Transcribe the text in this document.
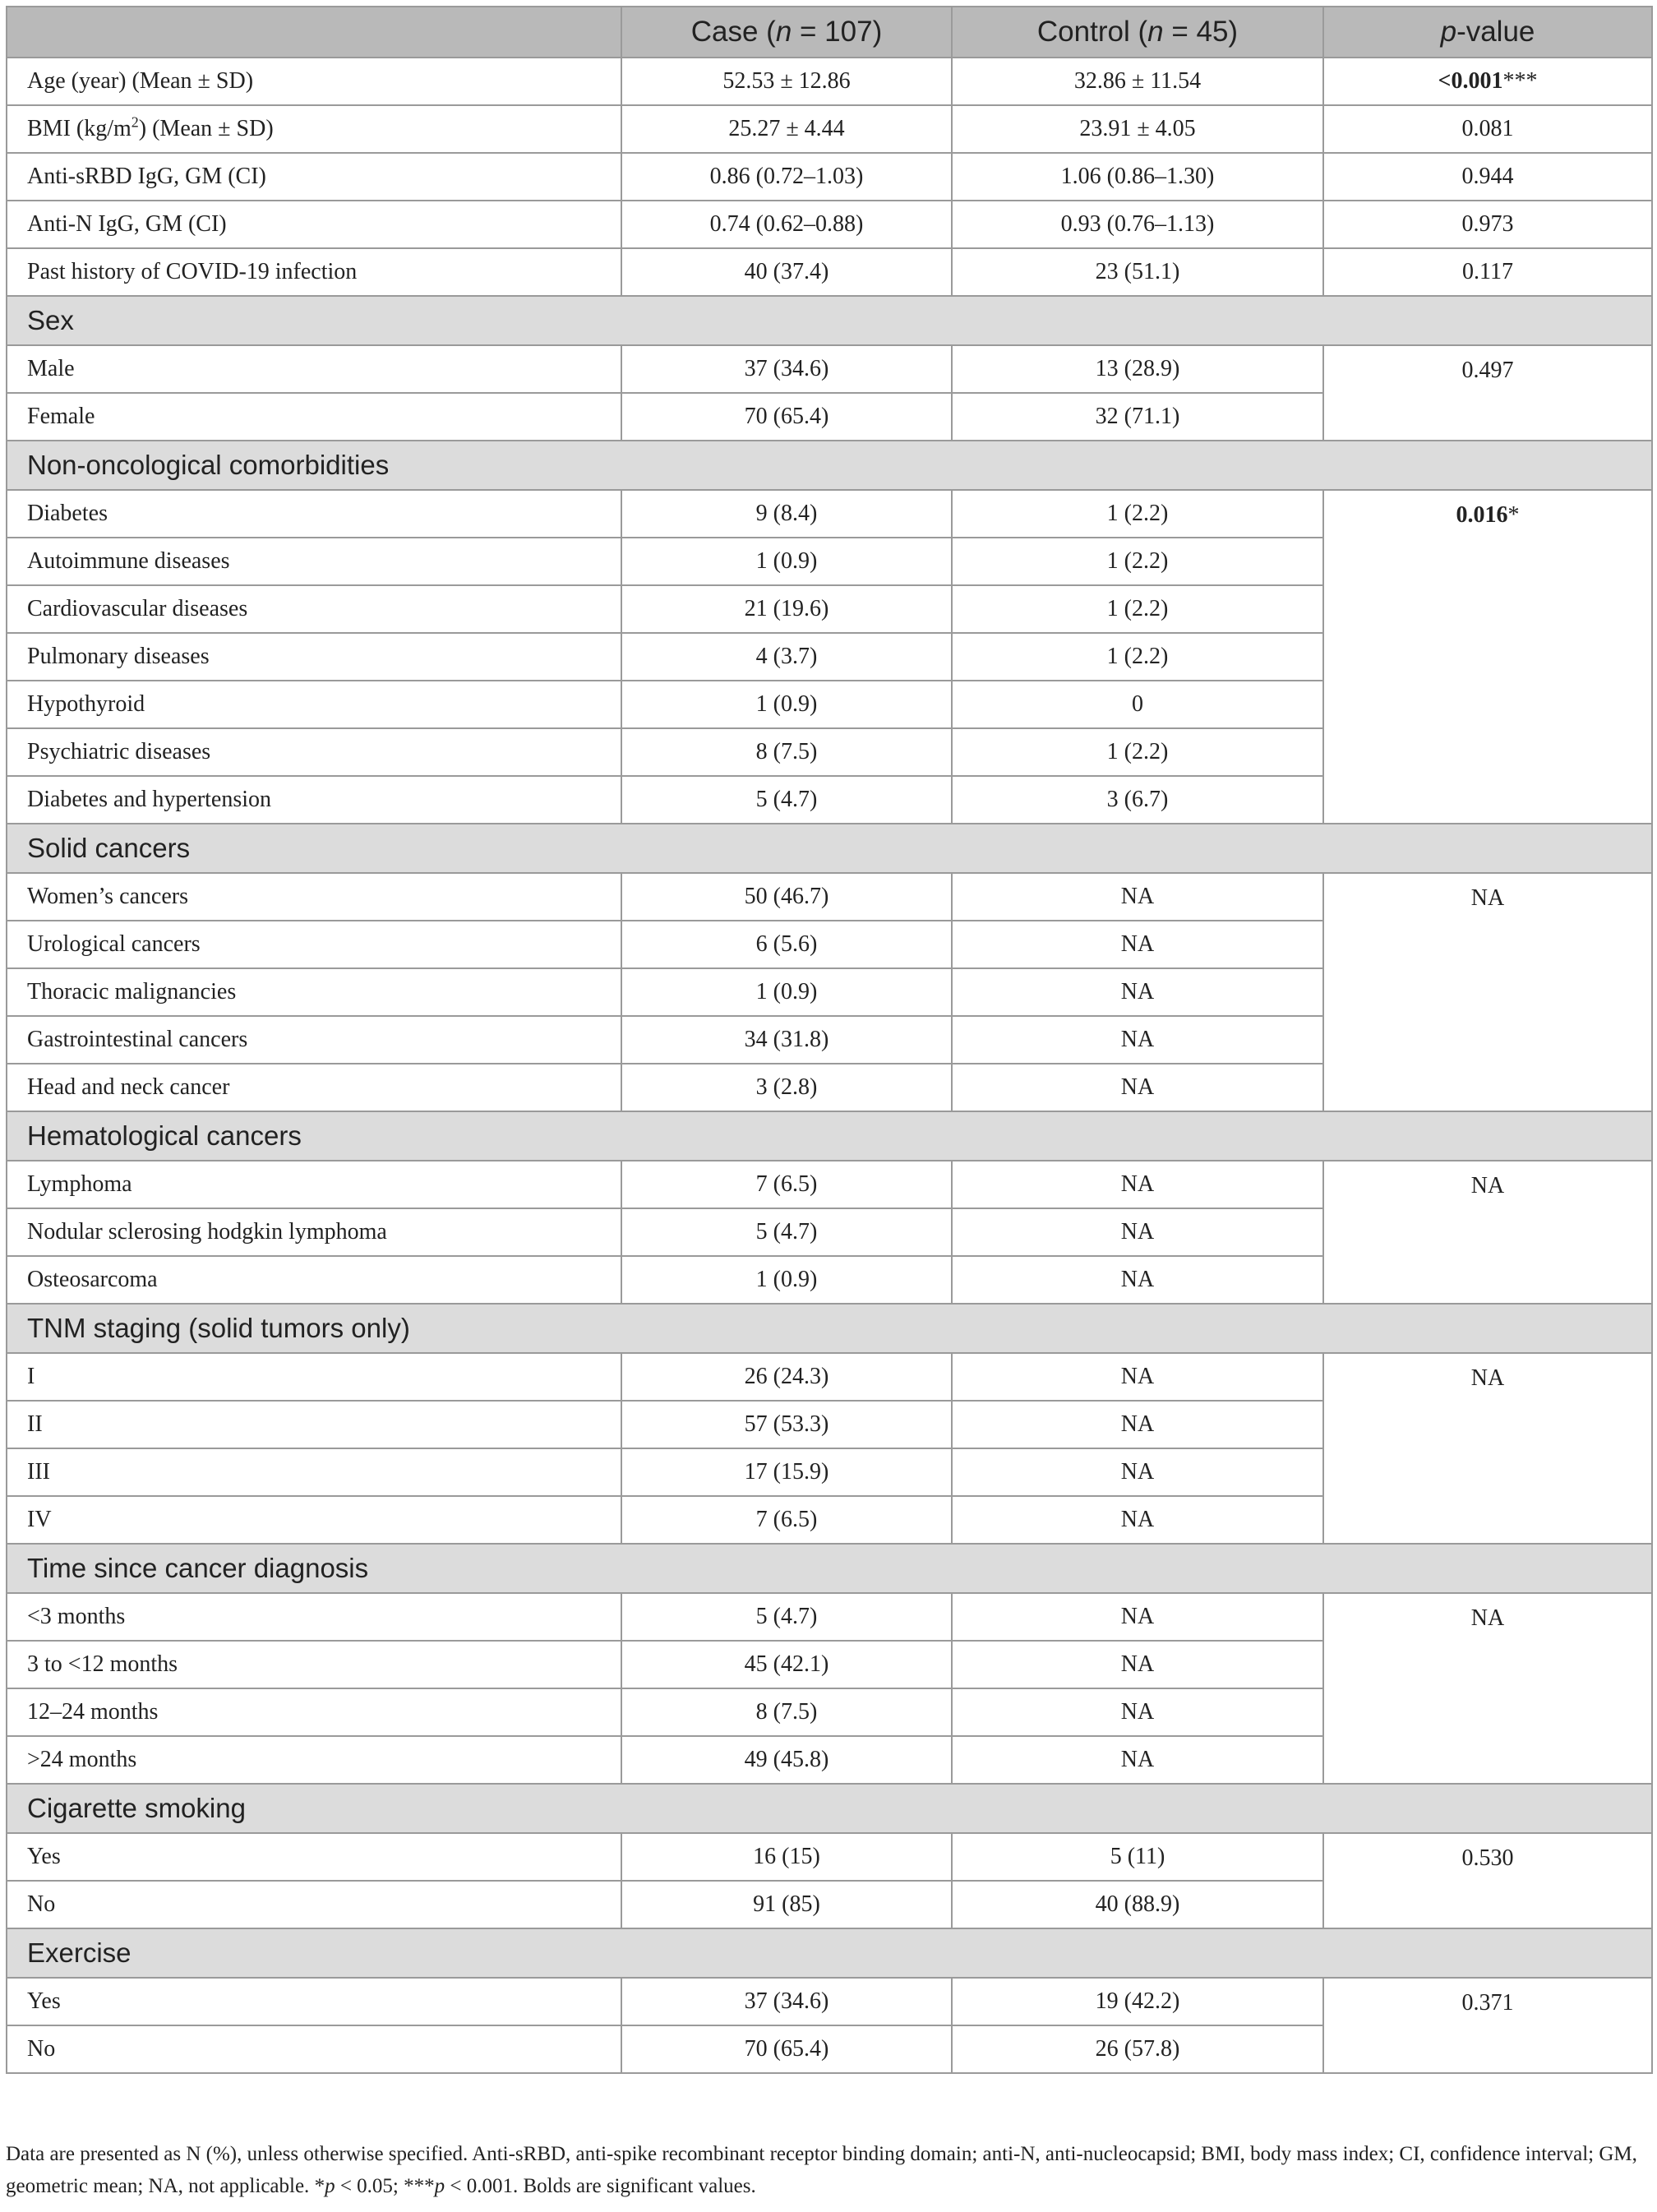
	Case (n = 107)	Control (n = 45)	p-value
Age (year) (Mean ± SD)	52.53 ± 12.86	32.86 ± 11.54	<0.001***
BMI $(kg/m^2)$ (Mean ± SD)	25.27 ± 4.44	23.91 ± 4.05	0.081
Anti-sRBD IgG, GM (CI)	0.86 (0.72–1.03)	1.06 (0.86–1.30)	0.944
Anti-N IgG, GM (CI)	0.74 (0.62–0.88)	0.93 (0.76–1.13)	0.973
Past history of COVID-19 infection	40 (37.4)	23 (51.1)	0.117
Sex			
Male	37 (34.6)	13 (28.9)	0.497
Female	70 (65.4)	32 (71.1)	
Non-oncological comorbidities			
Diabetes	9 (8.4)	1 (2.2)	0.016*
Autoimmune diseases	1 (0.9)	1 (2.2)	
Cardiovascular diseases	21 (19.6)	1 (2.2)	
Pulmonary diseases	4 (3.7)	1 (2.2)	
Hypothyroid	1 (0.9)	0	
Psychiatric diseases	8 (7.5)	1 (2.2)	
Diabetes and hypertension	5 (4.7)	3 (6.7)	
Solid cancers			
Women’s cancers	50 (46.7)	NA	NA
Urological cancers	6 (5.6)	NA	
Thoracic malignancies	1 (0.9)	NA	
Gastrointestinal cancers	34 (31.8)	NA	
Head and neck cancer	3 (2.8)	NA	
Hematological cancers			
Lymphoma	7 (6.5)	NA	NA
Nodular sclerosing hodgkin lymphoma	5 (4.7)	NA	
Osteosarcoma	1 (0.9)	NA	
TNM staging (solid tumors only)			
I	26 (24.3)	NA	NA
II	57 (53.3)	NA	
III	17 (15.9)	NA	
IV	7 (6.5)	NA	
Time since cancer diagnosis			
<3 months	5 (4.7)	NA	NA
3 to <12 months	45 (42.1)	NA	
12–24 months	8 (7.5)	NA	
>24 months	49 (45.8)	NA	
Cigarette smoking			
Yes	16 (15)	5 (11)	0.530
No	91 (85)	40 (88.9)	
Exercise			
Yes	37 (34.6)	19 (42.2)	0.371
No	70 (65.4)	26 (57.8)	
Data are presented as N (%), unless otherwise specified. Anti-sRBD, anti-spike recombinant receptor binding domain; anti-N, anti-nucleocapsid; BMI, body mass index; CI, confidence interval; GM, geometric mean; NA, not applicable. *p < 0.05; ***p < 0.001. Bolds are significant values.
